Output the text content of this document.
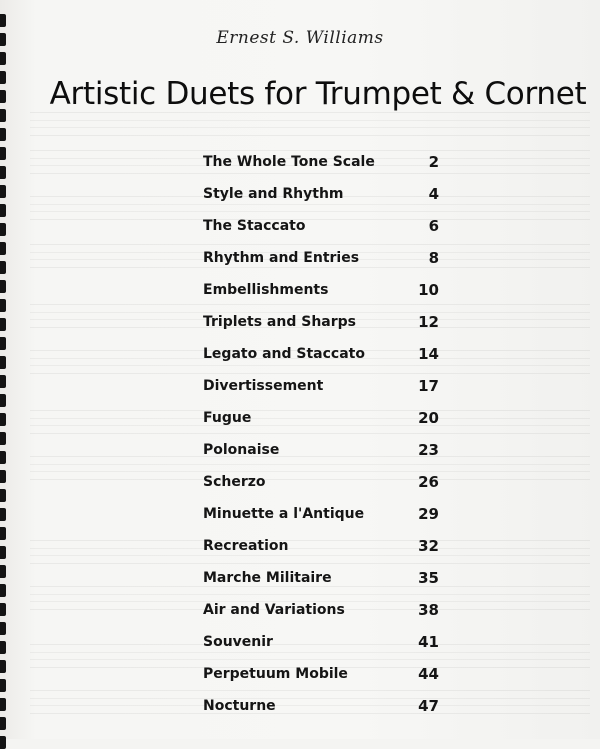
Ernest S. Williams
Artistic Duets for Trumpet & Cornet
The Whole Tone Scale	2
Style and Rhythm	4
The Staccato	6
Rhythm and Entries	8
Embellishments	10
Triplets and Sharps	12
Legato and Staccato	14
Divertissement	17
Fugue	20
Polonaise	23
Scherzo	26
Minuette a l'Antique	29
Recreation	32
Marche Militaire	35
Air and Variations	38
Souvenir	41
Perpetuum Mobile	44
Nocturne	47
